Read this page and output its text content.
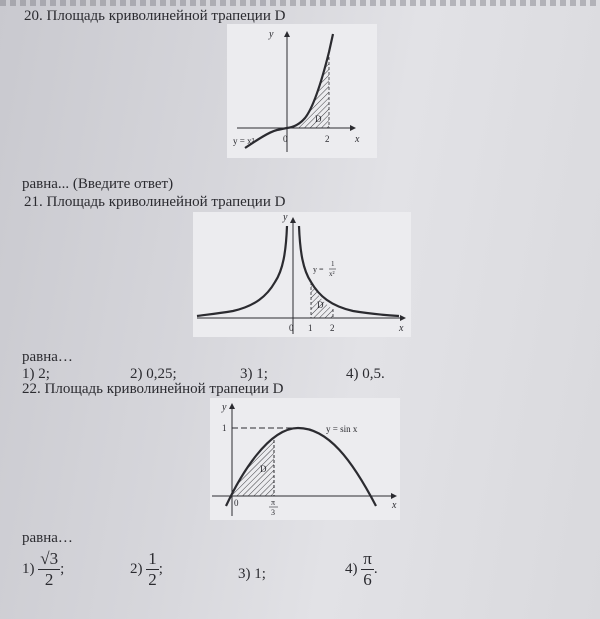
20. Площадь криволинейной трапеции D
y
x
y = x³	0	2
D
равна... (Введите ответ)
21. Площадь криволинейной трапеции D
y
x
y =
1
x²
0 1 2
D
равна…
1) 2;	2) 0,25;	3) 1;	4) 0,5.
22. Площадь криволинейной трапеции D
y
x
1	y = sin x
0	π
3
D
равна…
$1) \frac{√3}{2}$ ;	$2) \frac{1}{2}$ ;	3) 1;	$4) \frac{\pi}{6}$ .
